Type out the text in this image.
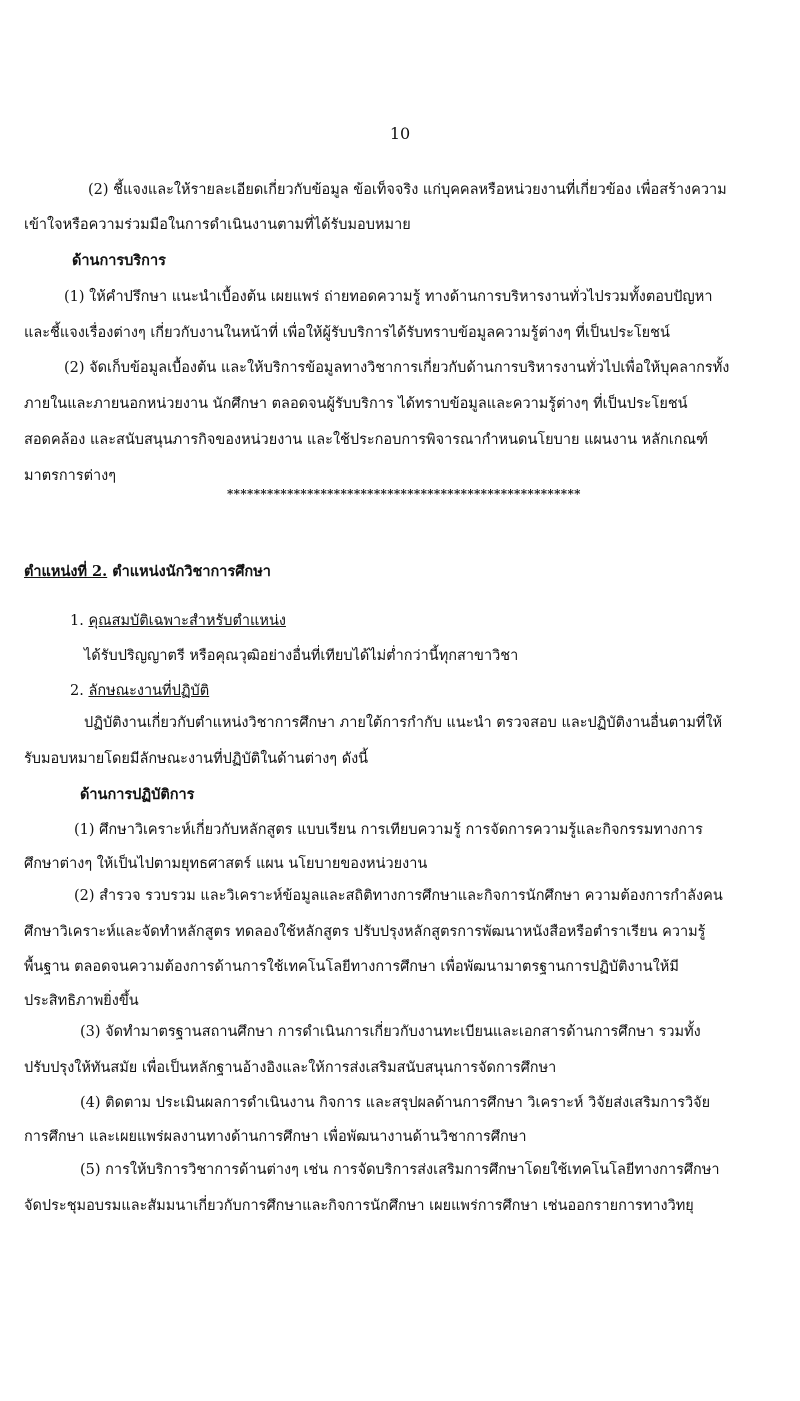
10
(2) ชี้แจงและให้รายละเอียดเกี่ยวกับข้อมูล ข้อเท็จจริง แก่บุคคลหรือหน่วยงานที่เกี่ยวข้อง เพื่อสร้างความ
เข้าใจหรือความร่วมมือในการดำเนินงานตามที่ได้รับมอบหมาย
ด้านการบริการ
(1) ให้คำปรึกษา แนะนำเบื้องต้น เผยแพร่ ถ่ายทอดความรู้ ทางด้านการบริหารงานทั่วไปรวมทั้งตอบปัญหา
และชี้แจงเรื่องต่างๆ เกี่ยวกับงานในหน้าที่ เพื่อให้ผู้รับบริการได้รับทราบข้อมูลความรู้ต่างๆ ที่เป็นประโยชน์
(2) จัดเก็บข้อมูลเบื้องต้น และให้บริการข้อมูลทางวิชาการเกี่ยวกับด้านการบริหารงานทั่วไปเพื่อให้บุคลากรทั้ง
ภายในและภายนอกหน่วยงาน นักศึกษา ตลอดจนผู้รับบริการ ได้ทราบข้อมูลและความรู้ต่างๆ ที่เป็นประโยชน์
สอดคล้อง และสนับสนุนภารกิจของหน่วยงาน และใช้ประกอบการพิจารณากำหนดนโยบาย แผนงาน หลักเกณฑ์
มาตรการต่างๆ
*****************************************************
ตำแหน่งที่ 2. ตำแหน่งนักวิชาการศึกษา
1. คุณสมบัติเฉพาะสำหรับตำแหน่ง
ได้รับปริญญาตรี หรือคุณวุฒิอย่างอื่นที่เทียบได้ไม่ต่ำกว่านี้ทุกสาขาวิชา
2. ลักษณะงานที่ปฏิบัติ
ปฏิบัติงานเกี่ยวกับตำแหน่งวิชาการศึกษา ภายใต้การกำกับ แนะนำ ตรวจสอบ และปฏิบัติงานอื่นตามที่ให้
รับมอบหมายโดยมีลักษณะงานที่ปฏิบัติในด้านต่างๆ ดังนี้
ด้านการปฏิบัติการ
(1) ศึกษาวิเคราะห์เกี่ยวกับหลักสูตร แบบเรียน การเทียบความรู้ การจัดการความรู้และกิจกรรมทางการ
ศึกษาต่างๆ ให้เป็นไปตามยุทธศาสตร์ แผน นโยบายของหน่วยงาน
(2) สำรวจ รวบรวม และวิเคราะห์ข้อมูลและสถิติทางการศึกษาและกิจการนักศึกษา ความต้องการกำลังคน
ศึกษาวิเคราะห์และจัดทำหลักสูตร ทดลองใช้หลักสูตร ปรับปรุงหลักสูตรการพัฒนาหนังสือหรือตำราเรียน ความรู้
พื้นฐาน ตลอดจนความต้องการด้านการใช้เทคโนโลยีทางการศึกษา เพื่อพัฒนามาตรฐานการปฏิบัติงานให้มี
ประสิทธิภาพยิ่งขึ้น
(3) จัดทำมาตรฐานสถานศึกษา การดำเนินการเกี่ยวกับงานทะเบียนและเอกสารด้านการศึกษา รวมทั้ง
ปรับปรุงให้ทันสมัย เพื่อเป็นหลักฐานอ้างอิงและให้การส่งเสริมสนับสนุนการจัดการศึกษา
(4) ติดตาม ประเมินผลการดำเนินงาน กิจการ และสรุปผลด้านการศึกษา วิเคราะห์ วิจัยส่งเสริมการวิจัย
การศึกษา และเผยแพร่ผลงานทางด้านการศึกษา เพื่อพัฒนางานด้านวิชาการศึกษา
(5) การให้บริการวิชาการด้านต่างๆ เช่น การจัดบริการส่งเสริมการศึกษาโดยใช้เทคโนโลยีทางการศึกษา
จัดประชุมอบรมและสัมมนาเกี่ยวกับการศึกษาและกิจการนักศึกษา เผยแพร่การศึกษา เช่นออกรายการทางวิทยุ
